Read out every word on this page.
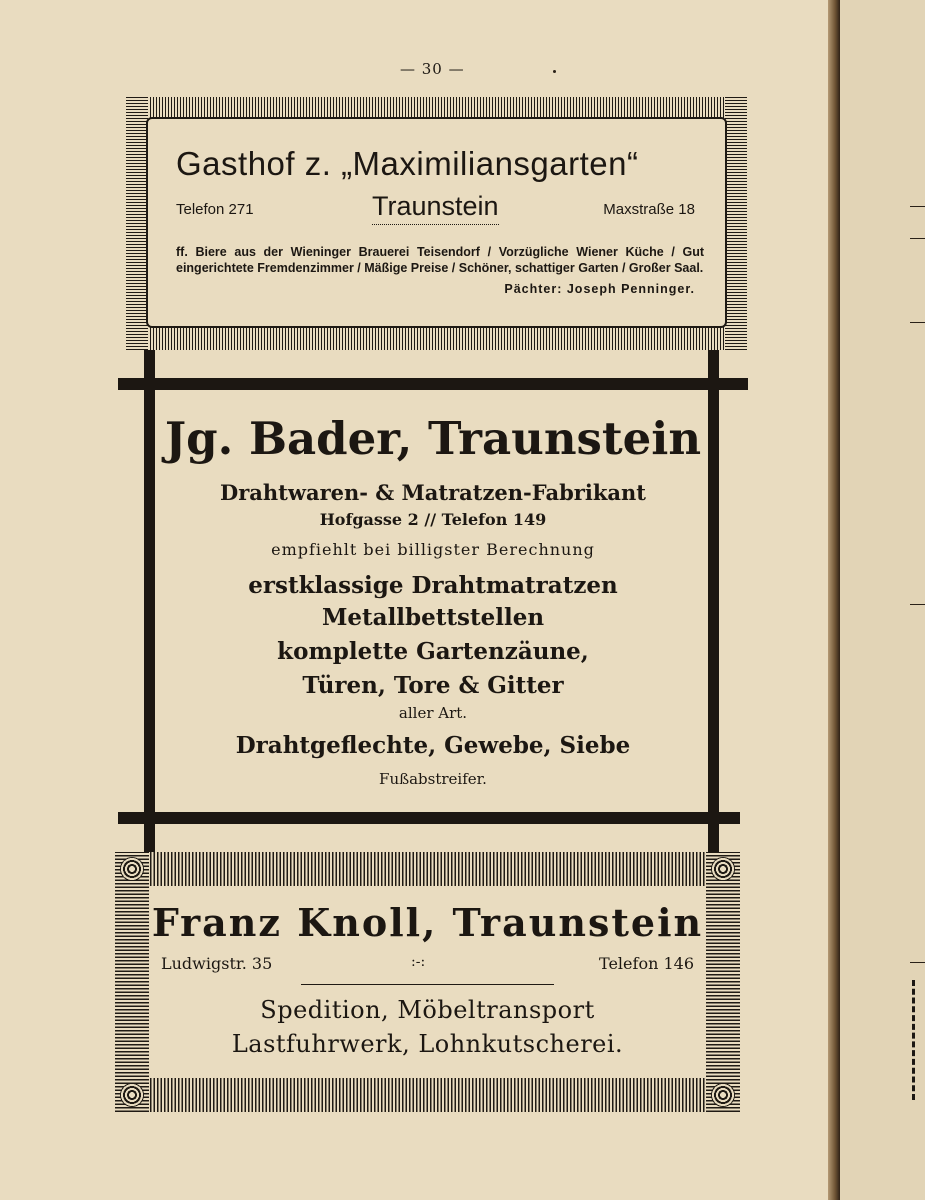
— 30 —
Gasthof z. „Maximiliansgarten“
Telefon 271	Traunstein	Maxstraße 18
ff. Biere aus der Wieninger Brauerei Teisendorf / Vorzügliche Wiener Küche / Gut eingerichtete Fremdenzimmer / Mäßige Preise / Schöner, schattiger Garten / Großer Saal.
Pächter: Joseph Penninger.
Jg. Bader, Traunstein
Drahtwaren- & Matratzen-Fabrikant
Hofgasse 2 // Telefon 149
empfiehlt bei billigster Berechnung
erstklassige Drahtmatratzen
Metallbettstellen
komplette Gartenzäune,
Türen, Tore & Gitter
aller Art.
Drahtgeflechte, Gewebe, Siebe
Fußabstreifer.
Franz Knoll, Traunstein
Ludwigstr. 35	:-:	Telefon 146
Spedition, Möbeltransport
Lastfuhrwerk, Lohnkutscherei.
